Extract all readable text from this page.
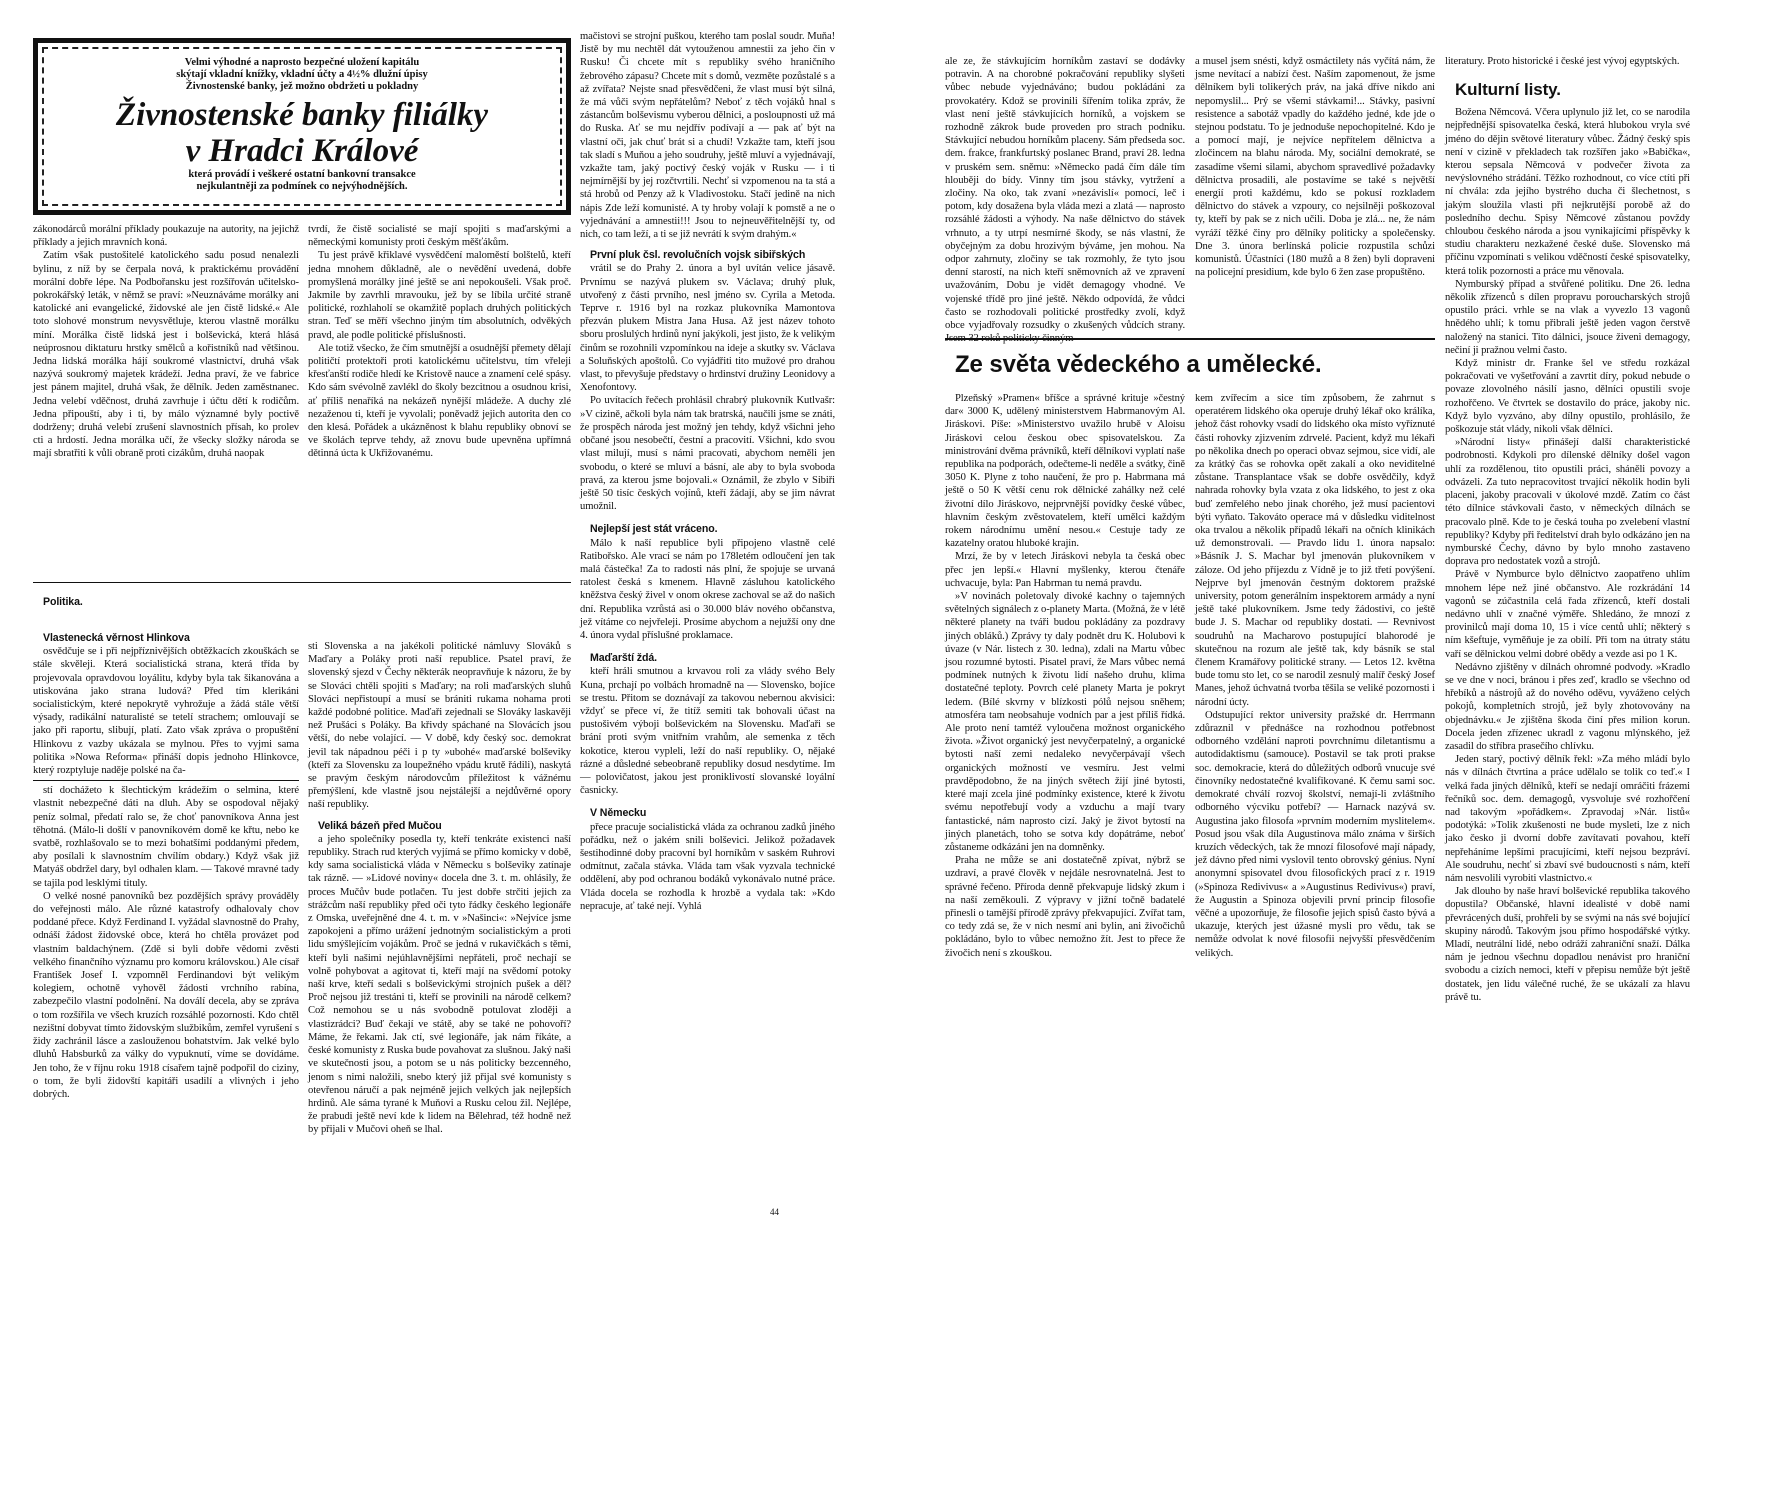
Velmi výhodné a naprosto bezpečné uložení kapitálu

skýtají vkladní knížky, vkladní účty a 4½% dlužní úpisy

Živnostenské banky, jež možno obdržeti u pokladny

Živnostenské banky filiálky

v Hradci Králové

která provádí i veškeré ostatní bankovní transakce

nejkulantněji za podmínek co nejvýhodnějších.

zákonodárců morální příklady poukazuje na autority, na jejichž příklady a jejich mravních koná.

Zatím však pustošitelé katolického sadu posud nenalezli bylinu, z níž by se čerpala nová, k praktickému provádění morální dobře lépe. Na Podbořansku jest rozšířován učitelsko-pokrokářský leták, v němž se praví: »Neuznáváme morálky ani katolické ani evangelické, židovské ale jen čistě lidské.« Ale toto slohové monstrum nevysvětluje, kterou vlastně morálku míní. Morálka čistě lidská jest i bolševická, která hlásá neúprosnou diktaturu hrstky smělců a kořistníků nad většinou. Jedna lidská morálka hájí soukromé vlastnictví, druhá však nazývá soukromý majetek krádeží. Jedna praví, že ve fabrice jest pánem majitel, druhá však, že dělník. Jeden zaměstnanec. Jedna velebí vděčnost, druhá zavrhuje i účtu dětí k rodičům. Jedna připouští, aby i ti, by málo významné byly poctivě dodrženy; druhá velebí zrušení slavnostních přísah, ko prolev cti a hrdostí. Jedna morálka učí, že všecky složky národa se mají sbratřiti k vůli obraně proti cizákům, druhá naopak

tvrdí, že čistě socialisté se mají spojiti s maďarskými a německými komunisty proti českým měšťákům.

Tu jest právě křiklavé vysvědčení maloměstí bolštelů, kteří jedna mnohem důkladně, ale o nevědění uvedená, dobře promyšlená morálky jiné ještě se ani nepokoušeli. Však proč. Jakmile by zavrhli mravouku, jež by se líbila určité straně politické, rozhlaholí se okamžitě poplach druhých politických stran. Teď se měří všechno jiným tím absolutních, odvěkých pravd, ale podle politické příslušnosti.

Ale totiž všecko, že čím smutnější a osudnější přemety dělají političtí protektoři proti katolickému učitelstvu, tím vřeleji křesťanští rodiče hledí ke Kristově nauce a znamení celé spásy. Kdo sám svévolně zavlékl do školy bezcitnou a osudnou krisi, ať příliš nenaříká na nekázeň nynější mládeže. A duchy zlé nezaženou ti, kteří je vyvolali; poněvadž jejich autorita den co den klesá. Pořádek a ukázněnost k blahu republiky obnoví se ve školách teprve tehdy, až znovu bude upevněna upřímná dětinná úcta k Ukřižovanému.

mačistovi se strojní puškou, kterého tam poslal soudr. Muňa! Jistě by mu nechtěl dát vytouženou amnestii za jeho čin v Rusku! Či chcete mít s republiky svého hraničního žebrového zápasu? Chcete mít s domů, vezměte pozůstalé s a až zvířata? Nejste snad přesvědčeni, že vlast musí být silná, že má vůči svým nepřátelům? Neboť z těch vojáků hnal s zástancům bolševismu vyberou dělnici, a posloupnosti už má do Ruska. Ať se mu nejdřív podívají a — pak ať být na vlastní oči, jak chuť brát si a chudí! Vzkažte tam, kteří jsou tak sladí s Muňou a jeho soudruhy, ještě mluví a vyjednávají, vzkažte tam, jaký poctivý český voják v Rusku — i ti nejmírnější by jej rozčtvrtili. Nechť si vzpomenou na ta stá a stá hrobů od Penzy až k Vladivostoku. Stačí jedině na nich nápis Zde leží komunisté. A ty hroby volají k pomstě a ne o vyjednávání a amnestii!!! Jsou to nejneuvěřitelnější ty, od nich, co tam leží, a ti se již nevrátí k svým drahým.«

První pluk čsl. revolučních vojsk sibiřských

vrátil se do Prahy 2. února a byl uvítán velice jásavě. Prvnímu se nazývá plukem sv. Václava; druhý pluk, utvořený z části prvního, nesl jméno sv. Cyrila a Metoda. Teprve r. 1916 byl na rozkaz plukovníka Mamontova přezván plukem Mistra Jana Husa. Až jest název tohoto sboru proslulých hrdinů nyní jakýkoli, jest jisto, že k velikým činům se rozohnili vzpomínkou na ideje a skutky sv. Václava a Soluňských apoštolů. Co vyjádřiti tito mužové pro drahou vlast, to převyšuje představy o hrdinství družiny Leonidovy a Xenofontovy.

Po uvítacích řečech prohlásil chrabrý plukovník Kutlvašr: »V cizině, ačkoli byla nám tak bratrská, naučili jsme se znáti, že prospěch národa jest možný jen tehdy, když všichni jeho občané jsou nesobečtí, čestní a pracovití. Všichni, kdo svou vlast milují, musí s námi pracovati, abychom neměli jen svobodu, o které se mluví a básní, ale aby to byla svoboda pravá, za kterou jsme bojovali.« Oznámil, že zbylo v Sibiři ještě 50 tisíc českých vojínů, kteří žádají, aby se jim návrat umožnil.

Nejlepší jest stát vráceno.

Málo k naší republice byli připojeno vlastně celé Ratibořsko. Ale vrací se nám po 178letém odloučení jen tak malá částečka! Za to radosti nás plní, že spojuje se urvaná ratolest česká s kmenem. Hlavně zásluhou katolického kněžstva český živel v onom okrese zachoval se až do našich dní. Republika vzrůstá asi o 30.000 bláv nového občanstva, jež vítáme co nejvřeleji. Prosíme abychom a nejužší ony dne 4. února vydal příslušné proklamace.

Maďarští ždá.

kteří hráli smutnou a krvavou roli za vlády svého Bely Kuna, prchají po volbách hromadně na — Slovensko, bojíce se trestu. Přitom se doznávají za takovou nebernou akvisici: vždyť se přece ví, že titíž semiti tak bohovali účast na pustošivém výboji bolševickém na Slovensku. Maďaři se brání proti svým vnitřním vrahům, ale semenka z těch kokotice, kterou vypleli, leží do naší republiky. O, nějaké rázné a důsledné sebeobraně republiky dosud nesdytíme. Im — polovičatost, jakou jest proniklivostí slovanské loyální časnicky.

V Německu

přece pracuje socialistická vláda za ochranou zadků jiného pořádku, než o jakém snili bolševici. Jelikož požadavek šestihodinné doby pracovní byl horníkům v saském Ruhrovi odmítnut, začala stávka. Vláda tam však vyzvala technické oddělení, aby pod ochranou bodáků vykonávalo nutné práce. Vláda docela se rozhodla k hrozbě a vydala tak: »Kdo nepracuje, ať také nejí. Vyhlá

Politika.

Vlastenecká věrnost Hlinkova

osvědčuje se i při nejpříznivějších obtěžkacích zkouškách se stále skvěleji. Která socialistická strana, která třída by projevovala opravdovou loyálitu, kdyby byla tak šikanována a utiskována jako strana ludová? Před tím klerikáni socialistickým, které nepokrytě vyhrožuje a žádá stále větší výsady, radikální naturalisté se tetelí strachem; omlouvají se jako při raportu, slibují, platí. Zato však zpráva o propuštění Hlinkovu z vazby ukázala se mylnou. Přes to vyjmi sama politika »Nowa Reforma« přináší dopis jednoho Hlinkovce, který rozptyluje naděje polské na ča-

stí dochážeto k šlechtickým krádežím o selmina, které vlastnit nebezpečné dáti na dluh. Aby se ospodoval nějaký peníz solmal, předatí ralo se, že choť panovníkova Anna jest těhotná. (Málo-li došlí v panovníkovém domě ke křtu, nebo ke svatbě, rozhlašovalo se to mezi bohatšími poddanými předem, aby posílali k slavnostním chvílím obdary.) Když však již Matyáš obdržel dary, byl odhalen klam. — Takové mravné tady se tajila pod lesklými tituly.

O velké nosné panovníků bez pozdějších správy prováděly do veřejnosti málo. Ale různé katastrofy odhalovaly chov poddané přece. Když Ferdinand I. vyžádal slavnostně do Prahy, odnáší žádost židovské obce, která ho chtěla provázet pod vlastním baldachýnem. (Zdě si byli dobře vědomi zvěsti velkého finančního významu pro komoru královskou.) Ale císař František Josef I. vzpomněl Ferdinandovi být velikým kolegiem, ochotně vyhověl žádosti vrchního rabína, zabezpečilo vlastní podolnění. Na doválí decela, aby se zpráva o tom rozšířila ve všech kruzích rozsáhlé pozornosti. Kdo chtěl nezištní dobyvat tímto židovským službikům, zemřel vyrušení s židy zachránil lásce a zaslouženou bohatstvím. Jak velké bylo dluhů Habsburků za války do vypuknutí, víme se dovídáme. Jen toho, že v říjnu roku 1918 císařem tajně podpořil do ciziny, o tom, že byli židovští kapitáři usadilí a vlivných i jeho dobrých.

sti Slovenska a na jakékoli politické námluvy Slováků s Maďary a Poláky proti naší republice. Psatel praví, že slovenský sjezd v Čechy některák neopravňuje k názoru, že by se Slováci chtěli spojiti s Maďary; na roli maďarských sluhů Slováci nepřistoupí a musí se brániti rukama nohama proti každé podobné politice. Maďaři zejednali se Slováky laskavěji než Prušáci s Poláky. Ba křivdy spáchané na Slovácích jsou větší, do nebe volající. — V době, kdy český soc. demokrat jevil tak nápadnou péči i p ty »ubohé« maďarské bolševiky (kteří za Slovensku za loupežného vpádu krutě řádili), naskytá se pravým českým národovcům příležitost k vážnému přemýšlení, kde vlastně jsou nejstálejší a nejdůvěrné opory naší republiky.

Veliká bázeň před Mučou

a jeho společníky posedla ty, kteří tenkráte existenci naší republiky. Strach rud kterých vyjímá se přímo komicky v době, kdy sama socialistická vláda v Německu s bolševiky zatínaje tak rázně. — »Lidové noviny« docela dne 3. t. m. ohlásily, že proces Mučův bude potlačen. Tu jest dobře strčiti jejich za strážcům naší republiky před oči tyto řádky českého legionáře z Omska, uveřejněné dne 4. t. m. v »Našinci«: »Nejvíce jsme zapokojeni a přímo urážení jednotným socialistickým a proti lidu smýšlejícím vojákům. Proč se jedná v rukavičkách s těmi, kteří byli našimi nejúhlavnějšími nepřáteli, proč nechají se volně pohybovat a agitovat ti, kteří mají na svědomí potoky naší krve, kteří sedali s bolševickými strojních pušek a děl? Proč nejsou již trestáni ti, kteří se provinili na národě celkem? Což nemohou se u nás svobodně potulovat zloději a vlastizrádci? Buď čekají ve státě, aby se také ne pohovoří? Máme, že řekami. Jak ctí, své legionáře, jak nám říkáte, a české komunisty z Ruska bude povahovat za slušnou. Jaký naši ve skutečnosti jsou, a potom se u nás politicky bezcenného, jenom s nimi naložili, snebo který již přijal své komunisty s otevřenou náručí a pak nejméně jejich velkých jak nejlepších hrdinů. Ale sáma tyrané k Muňovi a Rusku celou žil. Nejlépe, že prabudi ještě neví kde k lidem na Bělehrad, též hodně než by přijali v Mučovi oheň se lhal.

44

ale ze, že stávkujícím horníkům zastaví se dodávky potravin. A na chorobné pokračování republiky slyšeti vůbec nebude vyjednáváno; budou pokládáni za provokatéry. Kdož se provinili šířením tolika zpráv, že vlast není ještě stávkujících horníků, a vojskem se rozhodně zákrok bude proveden pro strach podniku. Stávkující nebudou horníkům placeny. Sám předseda soc. dem. frakce, frankfurtský poslanec Brand, praví 28. ledna v pruském sem. sněmu: »Německo padá čím dále tím hlouběji do bídy. Vinny tím jsou stávky, vytržení a zločiny. Na oko, tak zvaní »nezávislí« pomocí, leč i potom, kdy dosažena byla vláda mezi a zlatá — naprosto rozsáhlé žádosti a výhody. Na naše dělnictvo do stávek vrhnuto, a ty utrpí nesmírné škody, se nás vlastní, že obyčejným za dobu hrozivým býváme, jen mohou. Na odpor zahrnuty, zločiny se tak rozmohly, že tyto jsou denní starostí, na nich kteří sněmovních až ve zpravení uvažováním, Dobu je vidět demagogy vhodné. Ve vojenské třídě pro jiné ještě. Někdo odpovídá, že vůdci často se rozhodovali politické prostředky zvolí, když obce vyjadřovaly rozsudky o zkušených vůdcích strany.

a musel jsem snésti, když osmáctilety nás vyčítá nám, že jsme nevítací a nabízí čest. Naším zapomenout, že jsme dělníkem byli tolikerých práv, na jaká dříve nikdo ani nepomyslil... Prý se všemi stávkami!... Stávky, pasivní resistence a sabotáž vpadly do každého jedné, kde jde o stejnou podstatu. To je jednoduše nepochopitelné. Kdo je a pomocí mají, je nejvíce nepřítelem dělnictva a zločincem na blahu národa. My, sociální demokraté, se zasadíme všemi silami, abychom spravedlivé požadavky dělnictva prosadili, ale postavíme se také s největší energií proti každému, kdo se pokusí rozkladem dělnictvo do stávek a vzpoury, co nejsilněji poškozoval ty, kteří by pak se z nich učili. Doba je zlá... ne, že nám vyráží těžké činy pro dělníky politicky a společensky. Dne 3. února berlínská policie rozpustila schůzi komunistů. Účastníci (180 mužů a 8 žen) byli dopraveni na policejní presidium, kde bylo 6 žen zase propuštěno.

Ze světa vědeckého a umělecké.

Plzeňský »Pramen« bříšce a správné krituje »čestný dar« 3000 K, udělený ministerstvem Habrmanovým Al. Jiráskovi. Píše: »Ministerstvo uvažilo hrubě v Aloisu Jiráskovi celou českou obec spisovatelskou. Za ministrování dvěma právníků, kteří dělníkovi vyplatí naše republika na podporách, odečteme-li neděle a svátky, čině 3050 K. Plyne z toho naučení, že pro p. Habrmana má ještě o 50 K větší cenu rok dělnické zahálky než celé životní dílo Jiráskovo, nejprvnější povídky české vůbec, hlavním českým zvěstovatelem, kteří umělci každým rokem národnímu umění nesou.« Cestuje tady ze kazatelny oratou hluboké krajin.

Mrzí, že by v letech Jiráskovi nebyla ta česká obec přec jen lepší.« Hlavní myšlenky, kterou čtenáře uchvacuje, byla: Pan Habrman tu nemá pravdu.

»V novinách poletovaly divoké kachny o tajemných světelných signálech z o-planety Marta. (Možná, že v létě některé planety na tváři budou pokládány za pozdravy jiných obláků.) Zprávy ty daly podnět dru K. Holubovi k úvaze (v Nár. listech z 30. ledna), zdali na Martu vůbec jsou rozumné bytosti. Pisatel praví, že Mars vůbec nemá podmínek nutných k životu lidí našeho druhu, klima dostatečné teploty. Povrch celé planety Marta je pokryt ledem. (Bílé skvrny v blízkosti pólů nejsou sněhem; atmosféra tam neobsahuje vodních par a jest příliš řídká. Ale proto není tamtéž vyloučena možnost organického života. »Život organický jest nevyčerpatelný, a organické bytosti naší zemi nedaleko nevyčerpávají všech organických možností ve vesmíru. Jest velmi pravděpodobno, že na jiných světech žijí jiné bytosti, které mají zcela jiné podmínky existence, které k životu svému nepotřebují vody a vzduchu a mají tvary fantastické, nám naprosto cizí. Jaký je život bytostí na jiných planetách, toho se sotva kdy dopátráme, neboť zůstaneme odkázáni jen na domněnky.

Praha ne může se ani dostatečně zpívat, nýbrž se uzdraví, a pravé člověk v nejdále nesrovnatelná. Jest to správné řečeno. Příroda denně překvapuje lidský zkum i na naší zeměkouli. Z výpravy v jižní točně badatelé přinesli o tamější přírodě zprávy překvapující. Zvířat tam, co tedy zdá se, že v nich nesmí ani bylin, ani živočichů pokládáno, bylo to vůbec nemožno žít. Jest to přece že živočich není s zkouškou.

kem zvířecím a sice tím způsobem, že zahrnut s operatérem lidského oka operuje druhý lékař oko králíka, jehož část rohovky vsadí do lidského oka místo vyříznuté části rohovky zjizvením zdrvelé. Pacient, když mu lékaři po několika dnech po operaci obvaz sejmou, sice vidí, ale za krátký čas se rohovka opět zakalí a oko neviditelné zůstane. Transplantace však se dobře osvědčily, když nahrada rohovky byla vzata z oka lidského, to jest z oka buď zemřelého nebo jinak chorého, jež musí pacientovi býti vyňato. Takováto operace má v důsledku viditelnost oka trvalou a několik případů lékaři na očních klinikách už demonstrovali. — Pravdo lidu 1. února napsalo: »Básník J. S. Machar byl jmenován plukovníkem v záloze. Od jeho příjezdu z Vídně je to již třetí povýšení. Nejprve byl jmenován čestným doktorem pražské university, potom generálním inspektorem armády a nyní ještě také plukovníkem. Jsme tedy žádostivi, co ještě bude J. S. Machar od republiky dostati. — Revnivost soudruhů na Macharovo postupující blahorodé je skutečnou na rozum ale ještě tak, kdy básník se stal členem Kramářovy politické strany. — Letos 12. května bude tomu sto let, co se narodil zesnulý malíř český Josef Manes, jehož úchvatná tvorba těšila se veliké pozornosti i národní úcty.

Odstupující rektor university pražské dr. Herrmann zdůraznil v přednášce na rozhodnou potřebnost odborného vzdělání naproti povrchnímu diletantismu a autodidaktismu (samouce). Postavil se tak proti prakse soc. demokracie, která do důležitých odborů vnucuje své činovníky nedostatečné kvalifikované. K čemu sami soc. demokraté chválí rozvoj školství, nemají-li zvláštního odborného výcviku potřebí? — Harnack nazývá sv. Augustina jako filosofa »prvním moderním myslitelem«. Posud jsou však díla Augustinova málo známa v širších kruzích vědeckých, tak že mnozí filosofové mají nápady, jež dávno před nimi vyslovil tento obrovský génius. Nyní anonymní spisovatel dvou filosofických prací z r. 1919 (»Spinoza Redivivus« a »Augustinus Redivivus«) praví, že Augustin a Spinoza objevili první princip filosofie věčné a upozorňuje, že filosofie jejich spisů často bývá a ukazuje, kterých jest úžasné mysli pro vědu, tak se nemůže odvolat k nové filosofii nejvyšší přesvědčením velikých.

literatury. Proto historické i české jest vývoj egyptských.

Kulturní listy.

Božena Němcová. Včera uplynulo již let, co se narodila nejpřednější spisovatelka česká, která hlubokou vryla své jméno do dějin světové literatury vůbec. Žádný český spis není v cizině v překladech tak rozšířen jako »Babička«, kterou sepsala Němcová v podvečer života za nevýslovného strádání. Těžko rozhodnout, co více ctíti při ní chvála: zda jejího bystrého ducha či šlechetnost, s jakým sloužila vlasti při nejkrutější porobě až do posledního dechu. Spisy Němcové zůstanou povždy chloubou českého národa a jsou vynikajícími příspěvky k studiu charakteru nezkažené české duše. Slovensko má příčinu vzpomínati s velikou vděčností české spisovatelky, která tolik pozornosti a práce mu věnovala.

Nymburský případ a stvůřené politiku. Dne 26. ledna několik zřízenců s dílen propravu poroucharských strojů opustilo práci. vrhle se na vlak a vyvezlo 13 vagonů hnědého uhlí; k tomu přibrali ještě jeden vagon čerstvě naložený na stanici. Tito dálnici, jsouce živeni demagogy, nečiní ji pražnou velmi často.

Když ministr dr. Franke šel ve středu rozkázal pokračovati ve vyšetřování a zavrtit díry, pokud nebude o povaze zlovolného násilí jasno, dělníci opustili svoje rozhořčeno. Ve čtvrtek se dostavilo do práce, jakoby nic. Když bylo vyzváno, aby dílny opustilo, prohlásilo, že poškozuje stát vlády, nikoli však dělníci.

»Národní listy« přinášejí další charakteristické podrobnosti. Kdykoli pro dílenské dělníky došel vagon uhlí za rozdělenou, tito opustili práci, sháněli povozy a odvázeli. Za tuto nepracovitost trvající několik hodin byli placeni, jakoby pracovali v úkolové mzdě. Zatím co část této dílnice stávkovali často, v německých dílnách se pracovalo plně. Kde to je česká touha po zvelebení vlastní republiky? Kdyby při ředitelství drah bylo odkázáno jen na nymburské Čechy, dávno by bylo mnoho zastaveno doprava pro nedostatek vozů a strojů.

Právě v Nymburce bylo dělnictvo zaopatřeno uhlím mnohem lépe než jiné občanstvo. Ale rozkrádání 14 vagonů se zúčastnila celá řada zřízenců, kteří dostali nedávno uhlí v značné výměře. Shledáno, že mnozí z provinilců mají doma 10, 15 i více centů uhlí; některý s ním kšeftuje, vyměňuje je za obilí. Při tom na útraty státu vaří se dělnickou velmi dobré obědy a vezde asi po 1 K.

Nedávno zjištěny v dílnách ohromné podvody. »Kradlo se ve dne v noci, bránou i přes zeď, kradlo se všechno od hřebíků a nástrojů až do nového oděvu, vyváženo celých pokojů, kompletních strojů, jež byly zhotovovány na objednávku.« Je zjištěna škoda činí přes milion korun. Docela jeden zřízenec ukradl z vagonu mlýnského, jež zasadil do stříbra prasečího chlívku.

Jeden starý, poctivý dělník řekl: »Za mého mládí bylo nás v dílnách čtvrtina a práce udělalo se tolik co teď.« I velká řada jiných dělníků, kteří se nedají omráčiti frázemi řečníků soc. dem. demagogů, vysvoluje své rozhořčení nad takovým »pořádkem«. Zpravodaj »Nár. listů« podotýká: »Tolik zkušenosti ne bude mysleti, lze z nich jako česko ji dvorní dobře zavítavati povahou, kteří nepřeháníme lepšími pracujícími, kteří nejsou bezpráví. Ale soudruhu, nechť si zbaví své budoucnosti s nám, kteří nám nesvolili vyrobiti vlastnictvo.«

Jak dlouho by naše hraví bolševické republika takového dopustila? Občanské, hlavní idealisté v době nami převrácených duší, prohřeli by se svými na nás své bojující skupiny národů. Takovým jsou přímo hospodářské výtky. Mladí, neutrální lidé, nebo odráží zahraniční snaží. Dálka nám je jednou všechnu dopadlou nenávist pro hraniční svobodu a cizích nemoci, kteří v přepisu nemůže být ještě dostatek, jen lidu válečné ruché, že se ukázalí za hlavu právě tu.
